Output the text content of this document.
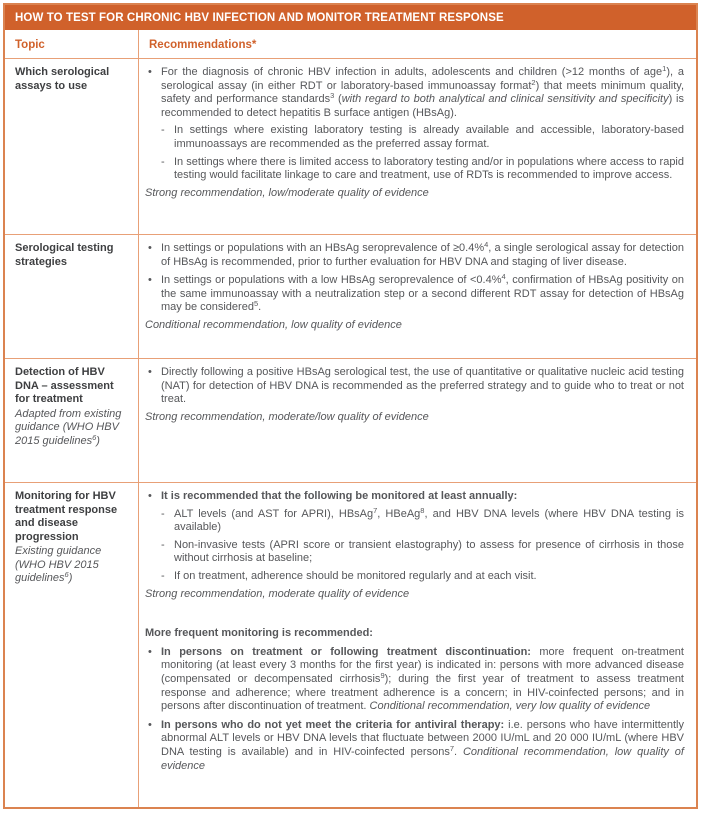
HOW TO TEST FOR CHRONIC HBV INFECTION AND MONITOR TREATMENT RESPONSE
Topic	Recommendations*
Which serological assays to use
• For the diagnosis of chronic HBV infection in adults, adolescents and children (>12 months of age$^1$), a serological assay (in either RDT or laboratory-based immunoassay format$^2$) that meets minimum quality, safety and performance standards$^3$ (with regard to both analytical and clinical sensitivity and specificity) is recommended to detect hepatitis B surface antigen (HBsAg).
- In settings where existing laboratory testing is already available and accessible, laboratory-based immunoassays are recommended as the preferred assay format.
- In settings where there is limited access to laboratory testing and/or in populations where access to rapid testing would facilitate linkage to care and treatment, use of RDTs is recommended to improve access.
Strong recommendation, low/moderate quality of evidence
Serological testing strategies
• In settings or populations with an HBsAg seroprevalence of ≥0.4%$^4$, a single serological assay for detection of HBsAg is recommended, prior to further evaluation for HBV DNA and staging of liver disease.
• In settings or populations with a low HBsAg seroprevalence of <0.4%$^4$, confirmation of HBsAg positivity on the same immunoassay with a neutralization step or a second different RDT assay for detection of HBsAg may be considered$^5$.
Conditional recommendation, low quality of evidence
Detection of HBV DNA – assessment for treatment
Adapted from existing guidance (WHO HBV 2015 guidelines$^6$)
• Directly following a positive HBsAg serological test, the use of quantitative or qualitative nucleic acid testing (NAT) for detection of HBV DNA is recommended as the preferred strategy and to guide who to treat or not treat.
Strong recommendation, moderate/low quality of evidence
Monitoring for HBV treatment response and disease progression
Existing guidance (WHO HBV 2015 guidelines$^6$)
• It is recommended that the following be monitored at least annually:
- ALT levels (and AST for APRI), HBsAg$^7$, HBeAg$^8$, and HBV DNA levels (where HBV DNA testing is available)
- Non-invasive tests (APRI score or transient elastography) to assess for presence of cirrhosis in those without cirrhosis at baseline;
- If on treatment, adherence should be monitored regularly and at each visit.
Strong recommendation, moderate quality of evidence
More frequent monitoring is recommended:
• In persons on treatment or following treatment discontinuation: more frequent on-treatment monitoring (at least every 3 months for the first year) is indicated in: persons with more advanced disease (compensated or decompensated cirrhosis$^9$); during the first year of treatment to assess treatment response and adherence; where treatment adherence is a concern; in HIV-coinfected persons; and in persons after discontinuation of treatment. Conditional recommendation, very low quality of evidence
• In persons who do not yet meet the criteria for antiviral therapy: i.e. persons who have intermittently abnormal ALT levels or HBV DNA levels that fluctuate between 2000 IU/mL and 20 000 IU/mL (where HBV DNA testing is available) and in HIV-coinfected persons$^7$. Conditional recommendation, low quality of evidence
